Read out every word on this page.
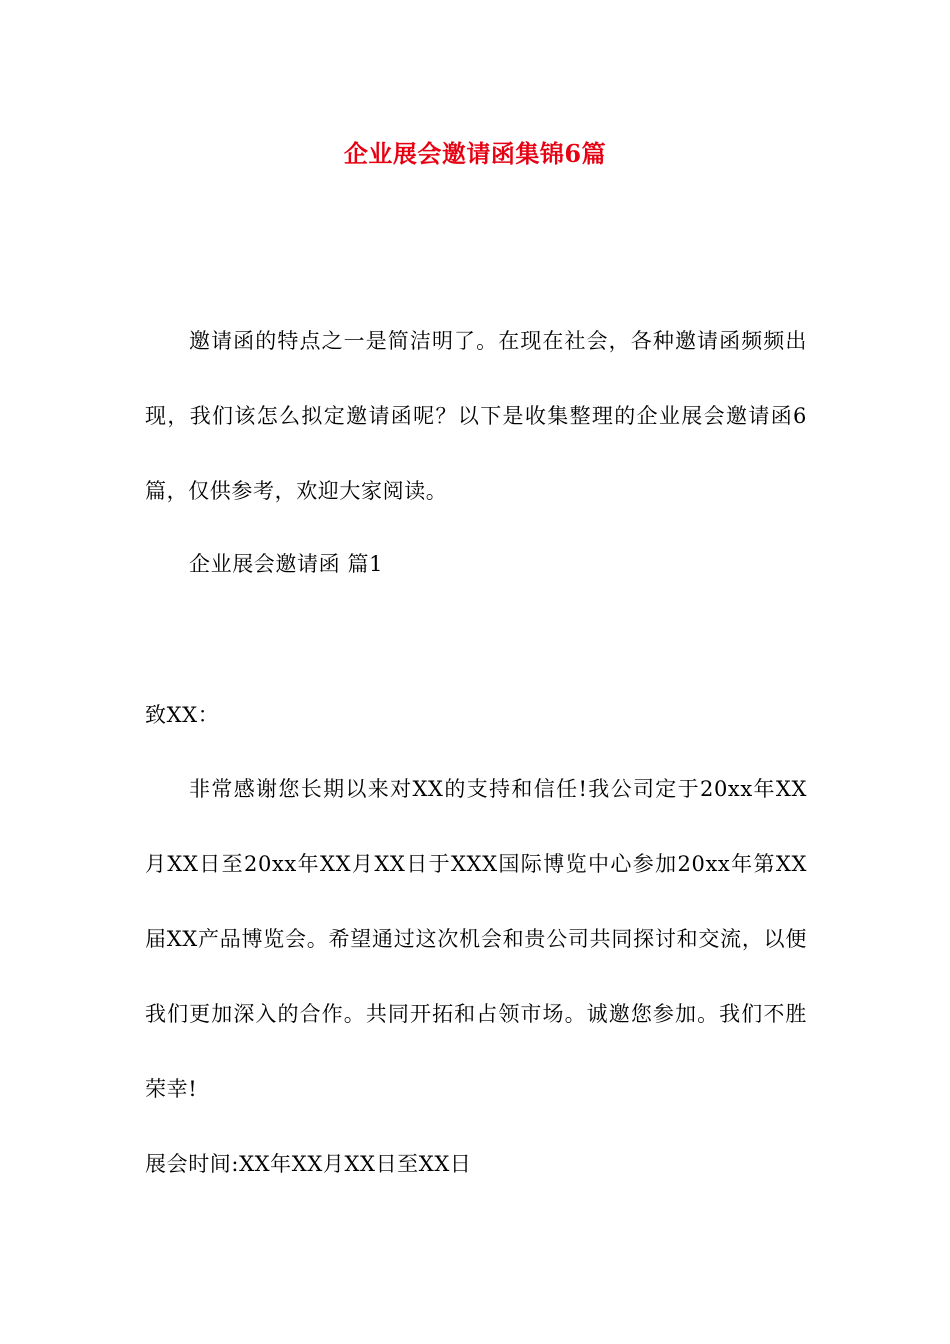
企业展会邀请函集锦6篇

邀请函的特点之一是简洁明了。在现在社会，各种邀请函频频出现，我们该怎么拟定邀请函呢？以下是收集整理的企业展会邀请函6篇，仅供参考，欢迎大家阅读。

企业展会邀请函 篇1
致XX：

非常感谢您长期以来对XX的支持和信任!我公司定于20xx年XX月XX日至20xx年XX月XX日于XXX国际博览中心参加20xx年第XX届XX产品博览会。希望通过这次机会和贵公司共同探讨和交流，以便我们更加深入的合作。共同开拓和占领市场。诚邀您参加。我们不胜荣幸!

展会时间:XX年XX月XX日至XX日
